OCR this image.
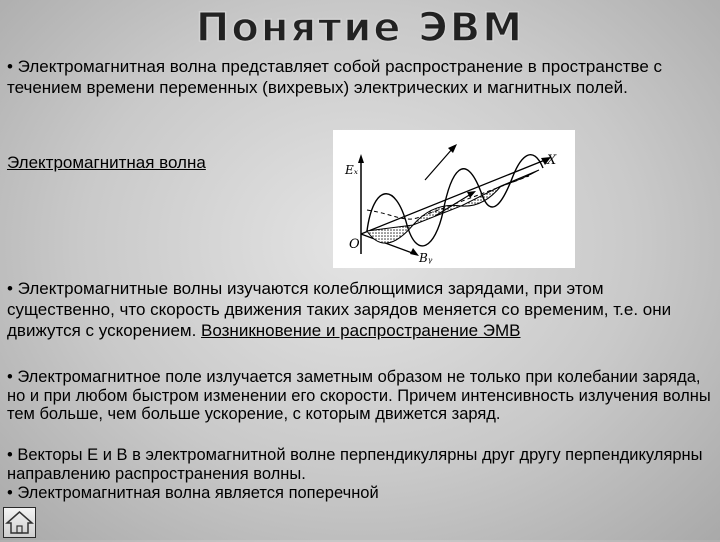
Понятие ЭВМ
• Электромагнитная волна представляет собой распространение в пространстве с течением времени переменных (вихревых) электрических и магнитных полей.
Электромагнитная волна	Eₓ
O
Bᵧ
X
• Электромагнитные волны изучаются колеблющимися зарядами, при этом существенно, что скорость движения таких зарядов меняется со временим, т.е. они движутся с ускорением. Возникновение и распространение ЭМВ
• Электромагнитное поле излучается заметным образом не только при колебании заряда, но и при любом быстром изменении его скорости. Причем интенсивность излучения волны тем больше, чем больше ускорение, с которым движется заряд.
• Векторы Е и В в электромагнитной волне перпендикулярны друг другу перпендикулярны направлению распространения волны.
• Электромагнитная волна является поперечной
